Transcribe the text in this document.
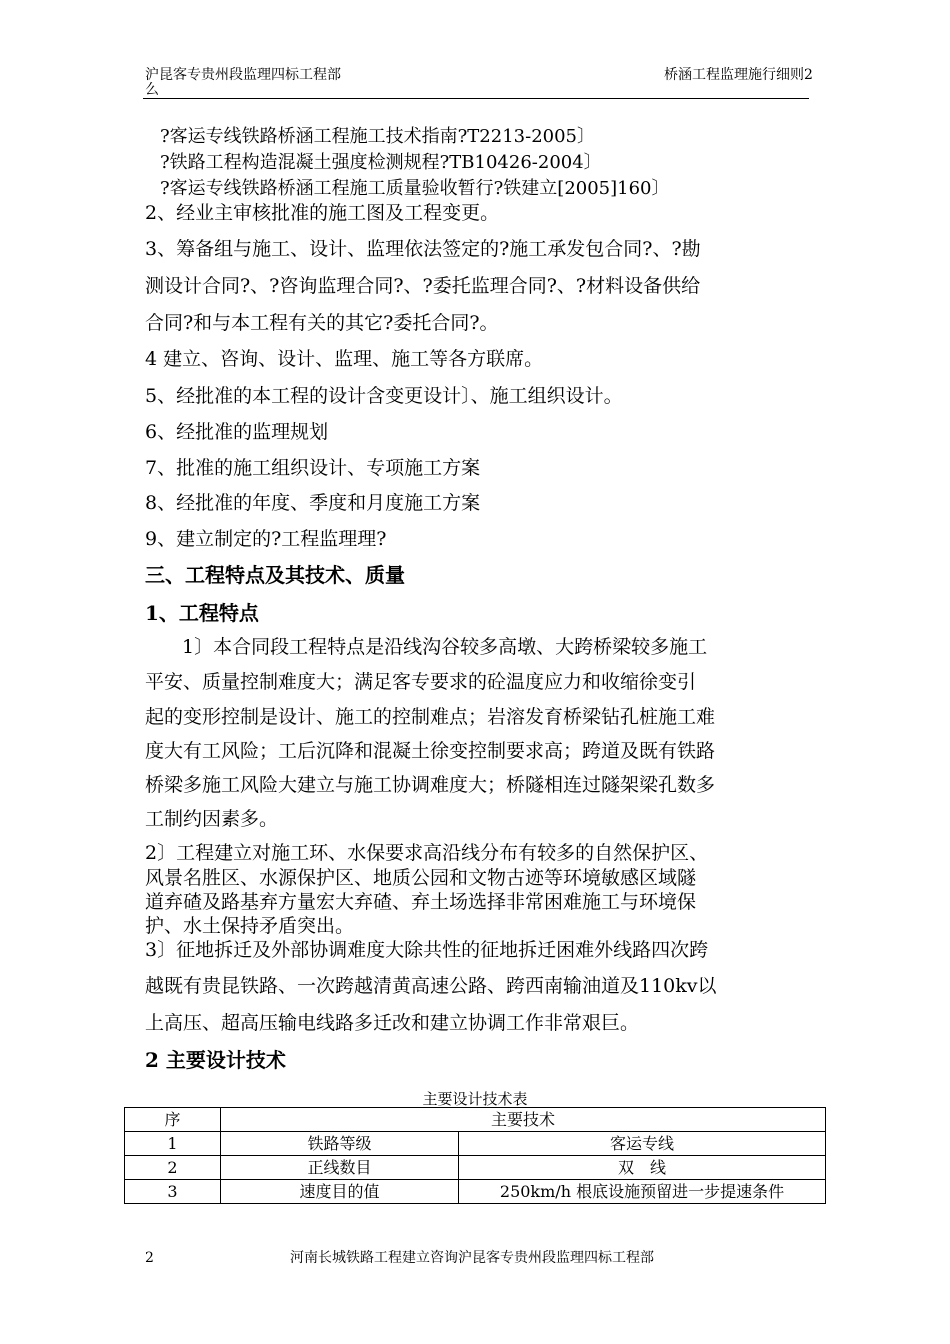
沪昆客专贵州段监理四标工程部
么
桥涵工程监理施行细则2
?客运专线铁路桥涵工程施工技术指南?T2213-2005〕
?铁路工程构造混凝土强度检测规程?TB10426-2004〕
?客运专线铁路桥涵工程施工质量验收暂行?铁建立[2005]160〕
2、经业主审核批准的施工图及工程变更。
3、筹备组与施工、设计、监理依法签定的?施工承发包合同?、?勘
测设计合同?、?咨询监理合同?、?委托监理合同?、?材料设备供给
合同?和与本工程有关的其它?委托合同?。
4 建立、咨询、设计、监理、施工等各方联席。
5、经批准的本工程的设计含变更设计〕、施工组织设计。
6、经批准的监理规划
7、批准的施工组织设计、专项施工方案
8、经批准的年度、季度和月度施工方案
9、建立制定的?工程监理理?
三、工程特点及其技术、质量
1、工程特点
1〕本合同段工程特点是沿线沟谷较多高墩、大跨桥梁较多施工
平安、质量控制难度大；满足客专要求的砼温度应力和收缩徐变引
起的变形控制是设计、施工的控制难点；岩溶发育桥梁钻孔桩施工难
度大有工风险；工后沉降和混凝土徐变控制要求高；跨道及既有铁路
桥梁多施工风险大建立与施工协调难度大；桥隧相连过隧架梁孔数多
工制约因素多。
2〕工程建立对施工环、水保要求高沿线分布有较多的自然保护区、
风景名胜区、水源保护区、地质公园和文物古迹等环境敏感区域隧
道弃碴及路基弃方量宏大弃碴、弃土场选择非常困难施工与环境保
护、水土保持矛盾突出。
3〕征地拆迁及外部协调难度大除共性的征地拆迁困难外线路四次跨
越既有贵昆铁路、一次跨越清黄高速公路、跨西南输油道及110kv以
上高压、超高压输电线路多迁改和建立协调工作非常艰巨。
2 主要设计技术
主要设计技术表
序	主要技术	
1	铁路等级	客运专线
2	正线数目	双　线
3	速度目的值	250km/h 根底设施预留进一步提速条件
2	河南长城铁路工程建立咨询沪昆客专贵州段监理四标工程部
